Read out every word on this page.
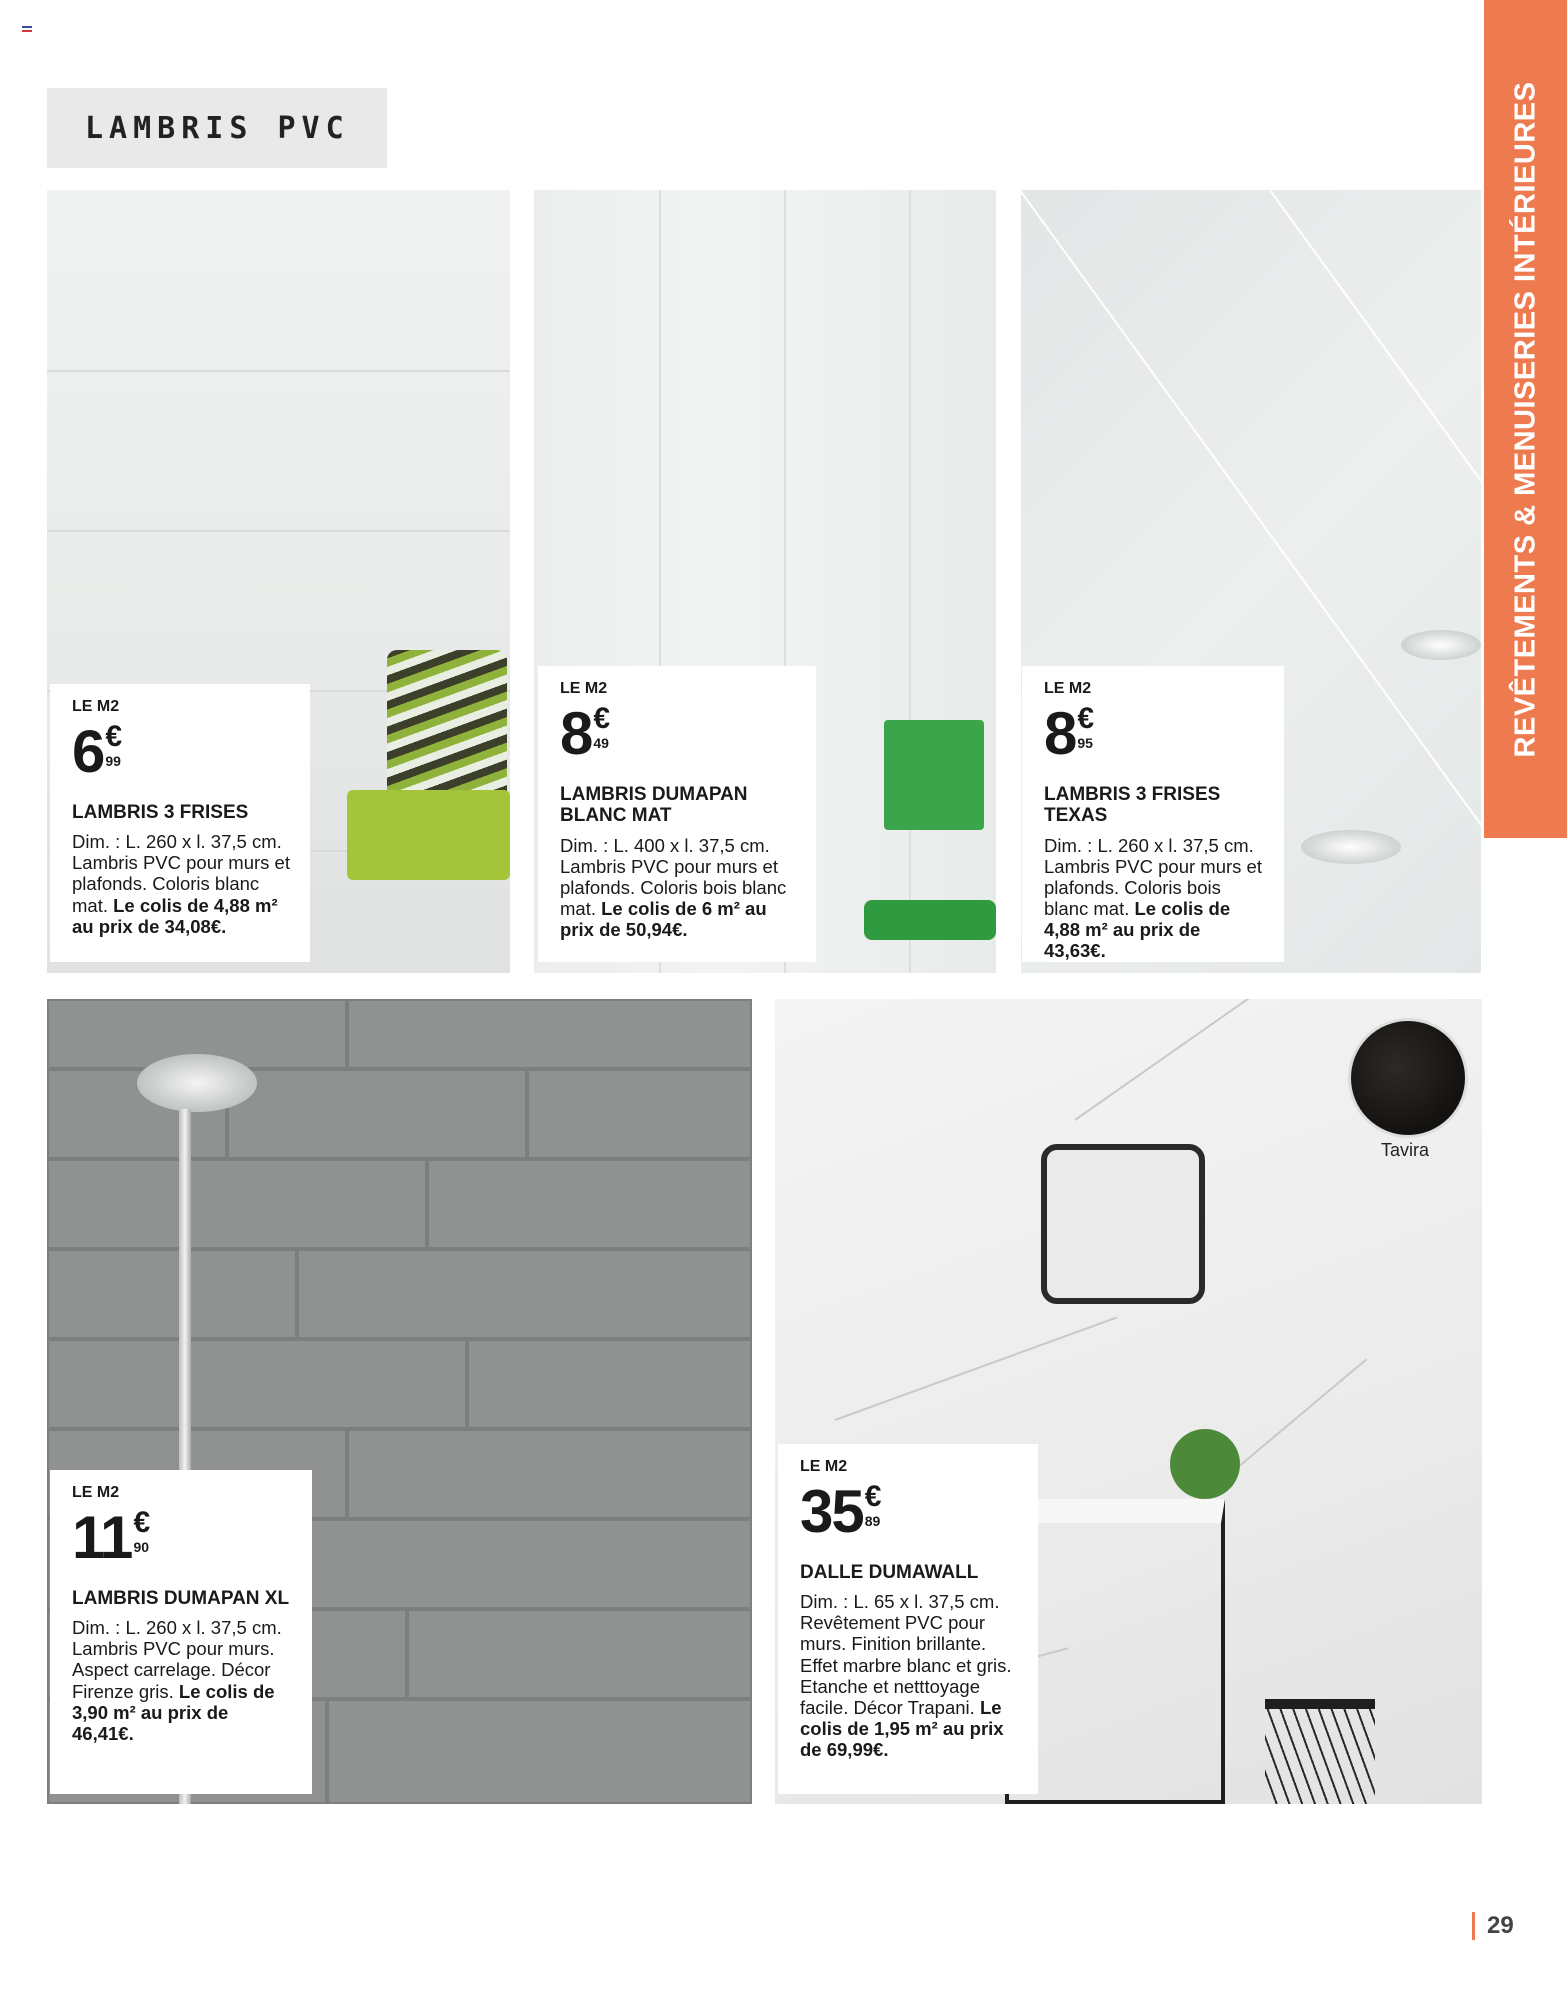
LAMBRIS PVC	REVÊTEMENTS & MENUISERIES INTÉRIEURES
Tavira
LE M2
6 €
99
LAMBRIS 3 FRISES
Dim. : L. 260 x l. 37,5 cm. Lambris PVC pour murs et plafonds. Coloris blanc mat. Le colis de 4,88 m² au prix de 34,08€.
LE M2
8 €
49
LAMBRIS DUMAPAN BLANC MAT
Dim. : L. 400 x l. 37,5 cm. Lambris PVC pour murs et plafonds. Coloris bois blanc mat. Le colis de 6 m² au prix de 50,94€.
LE M2
8 €
95
LAMBRIS 3 FRISES TEXAS
Dim. : L. 260 x l. 37,5 cm. Lambris PVC pour murs et plafonds. Coloris bois blanc mat. Le colis de 4,88 m² au prix de 43,63€.
LE M2
11 €
90
LAMBRIS DUMAPAN XL
Dim. : L. 260 x l. 37,5 cm. Lambris PVC pour murs. Aspect carrelage. Décor Firenze gris. Le colis de 3,90 m² au prix de 46,41€.
LE M2
35 €
89
DALLE DUMAWALL
Dim. : L. 65 x l. 37,5 cm. Revêtement PVC pour murs. Finition brillante. Effet marbre blanc et gris. Etanche et netttoyage facile. Décor Trapani. Le colis de 1,95 m² au prix de 69,99€.
29
